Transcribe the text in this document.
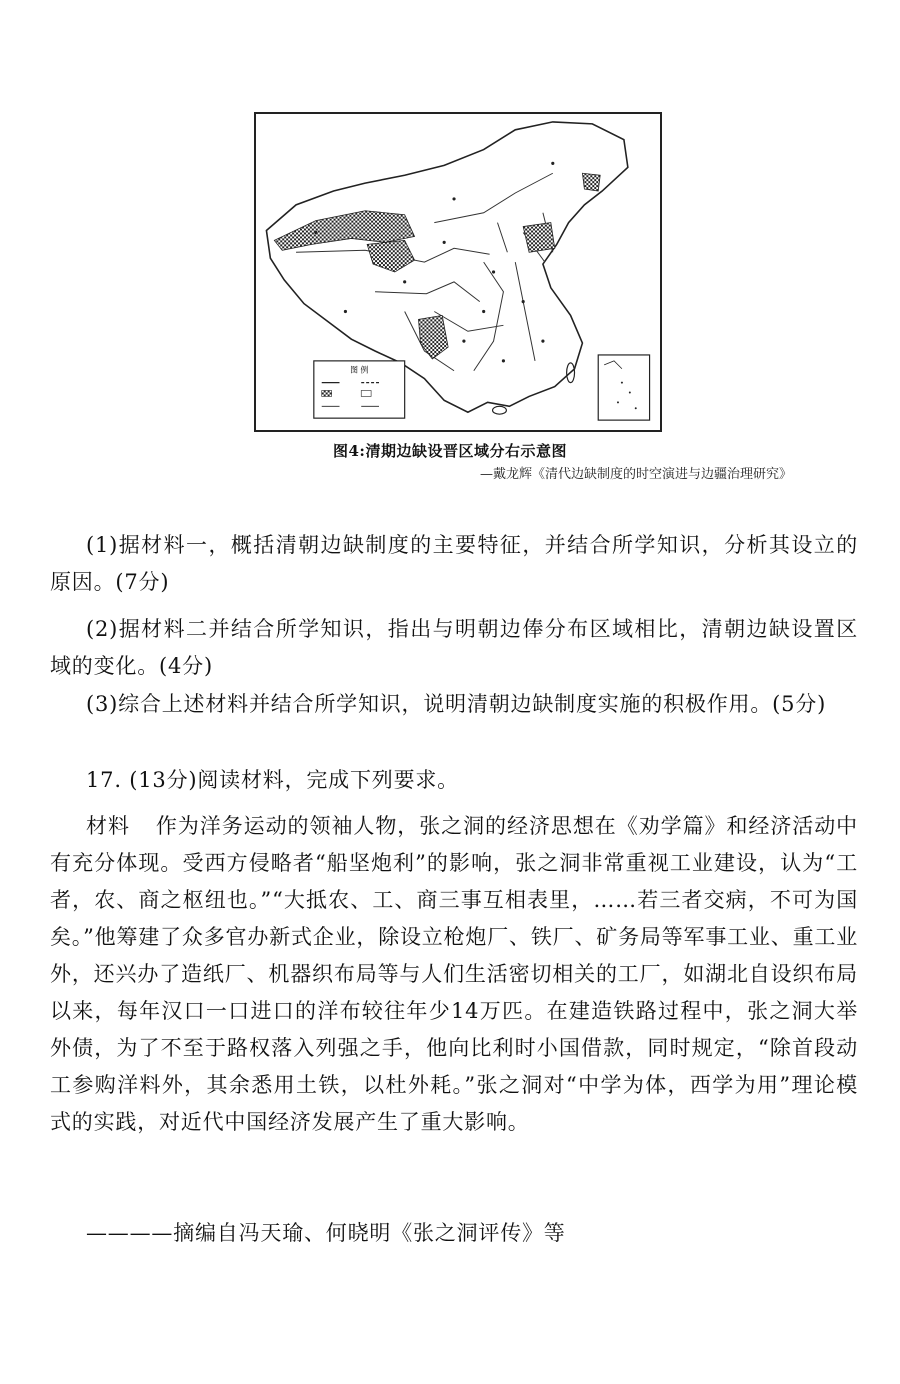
图 例
图4:清期边缺设晋区域分右示意图
—戴龙辉《清代边缺制度的时空演进与边疆治理研究》

(1)据材料一，概括清朝边缺制度的主要特征，并结合所学知识，分析其设立的原因。(7分)

(2)据材料二并结合所学知识，指出与明朝边俸分布区域相比，清朝边缺设置区域的变化。(4分)

(3)综合上述材料并结合所学知识，说明清朝边缺制度实施的积极作用。(5分)

17. (13分)阅读材料，完成下列要求。

材料 作为洋务运动的领袖人物，张之洞的经济思想在《劝学篇》和经济活动中有充分体现。受西方侵略者“船坚炮利”的影响，张之洞非常重视工业建设，认为“工者，农、商之枢纽也。”“大抵农、工、商三事互相表里，……若三者交病，不可为国矣。”他筹建了众多官办新式企业，除设立枪炮厂、铁厂、矿务局等军事工业、重工业外，还兴办了造纸厂、机器织布局等与人们生活密切相关的工厂，如湖北自设织布局以来，每年汉口一口进口的洋布较往年少14万匹。在建造铁路过程中，张之洞大举外债，为了不至于路权落入列强之手，他向比利时小国借款，同时规定，“除首段动工参购洋料外，其余悉用土铁，以杜外耗。”张之洞对“中学为体，西学为用”理论模式的实践，对近代中国经济发展产生了重大影响。

————摘编自冯天瑜、何晓明《张之洞评传》等
